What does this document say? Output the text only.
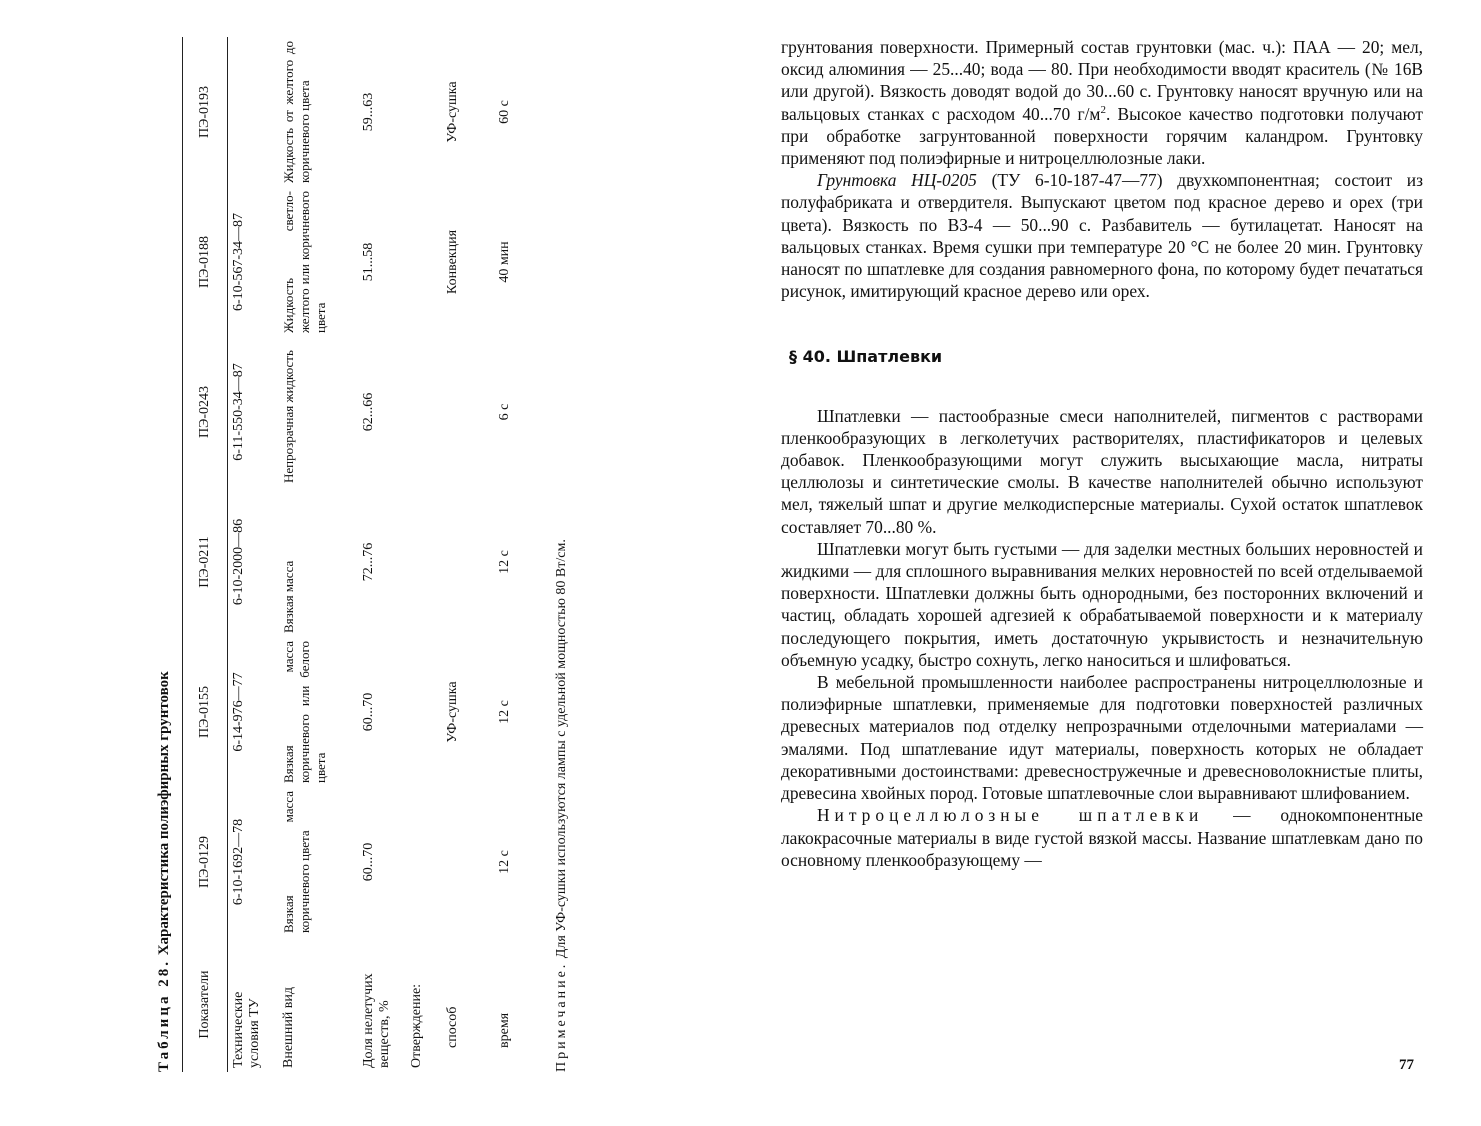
Таблица 28. Характеристика полиэфирных грунтовок
Показатели	ПЭ-0129	ПЭ-0155	ПЭ-0211	ПЭ-0243	ПЭ-0188	ПЭ-0193
Технические условия ТУ	6-10-1692—78	6-14-976—77	6-10-2000—86	6-11-550-34—87	6-10-567-34—87	
Внешний вид	Вязкая масса коричневого цвета	Вязкая масса коричневого или белого цвета	Вязкая масса	Непрозрачная жидкость	Жидкость светло-желтого или коричневого цвета	Жидкость от желтого до коричневого цвета
Доля нелетучих веществ, %	60...70	60...70	72...76	62...66	51...58	59...63
Отверждение:						
способ		УФ-сушка			Конвекция	УФ-сушка
время	12 с	12 с	12 с	6 с	40 мин	60 с
Примечание. Для УФ-сушки используются лампы с удельной мощностью 80 Вт/см.

грунтования поверхности. Примерный состав грунтовки (мас. ч.): ПАА — 20; мел, оксид алюминия — 25...40; вода — 80. При необходимости вводят краситель (№ 16В или другой). Вязкость доводят водой до 30...60 с. Грунтовку наносят вручную или на вальцовых станках с расходом 40...70 $г/м^2$. Высокое качество подготовки получают при обработке загрунтованной поверхности горячим каландром. Грунтовку применяют под полиэфирные и нитроцеллюлозные лаки.

Грунтовка НЦ-0205 (ТУ 6-10-187-47—77) двухкомпонентная; состоит из полуфабриката и отвердителя. Выпускают цветом под красное дерево и орех (три цвета). Вязкость по ВЗ-4 — 50...90 с. Разбавитель — бутилацетат. Наносят на вальцовых станках. Время сушки при температуре 20 °С не более 20 мин. Грунтовку наносят по шпатлевке для создания равномерного фона, по которому будет печататься рисунок, имитирующий красное дерево или орех.

§ 40. Шпатлевки

Шпатлевки — пастообразные смеси наполнителей, пигментов с растворами пленкообразующих в легколетучих растворителях, пластификаторов и целевых добавок. Пленкообразующими могут служить высыхающие масла, нитраты целлюлозы и синтетические смолы. В качестве наполнителей обычно используют мел, тяжелый шпат и другие мелкодисперсные материалы. Сухой остаток шпатлевок составляет 70...80 %.

Шпатлевки могут быть густыми — для заделки местных больших неровностей и жидкими — для сплошного выравнивания мелких неровностей по всей отделываемой поверхности. Шпатлевки должны быть однородными, без посторонних включений и частиц, обладать хорошей адгезией к обрабатываемой поверхности и к материалу последующего покрытия, иметь достаточную укрывистость и незначительную объемную усадку, быстро сохнуть, легко наноситься и шлифоваться.

В мебельной промышленности наиболее распространены нитроцеллюлозные и полиэфирные шпатлевки, применяемые для подготовки поверхностей различных древесных материалов под отделку непрозрачными отделочными материалами — эмалями. Под шпатлевание идут материалы, поверхность которых не обладает декоративными достоинствами: древесностружечные и древесноволокнистые плиты, древесина хвойных пород. Готовые шпатлевочные слои выравнивают шлифованием.

Нитроцеллюлозные шпатлевки — однокомпонентные лакокрасочные материалы в виде густой вязкой массы. Название шпатлевкам дано по основному пленкообразующему —

77
